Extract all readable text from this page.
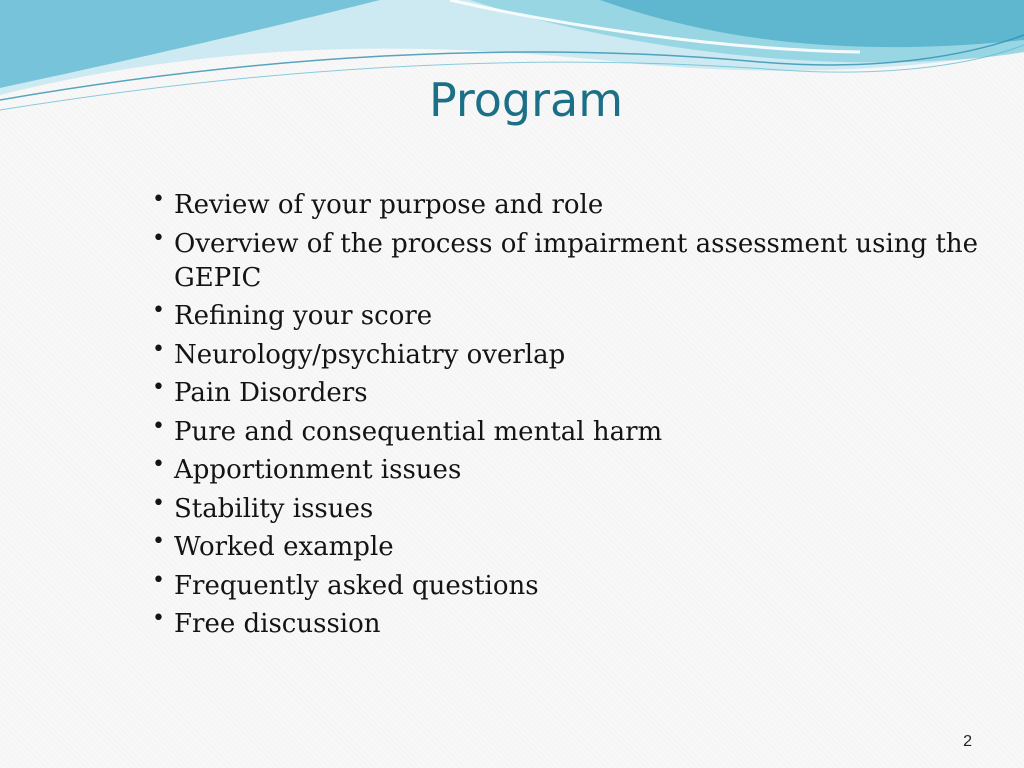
Program
• Review of your purpose and role
• Overview of the process of impairment assessment using the GEPIC
• Refining your score
• Neurology/psychiatry overlap
• Pain Disorders
• Pure and consequential mental harm
• Apportionment issues
• Stability issues
• Worked example
• Frequently asked questions
• Free discussion
2
